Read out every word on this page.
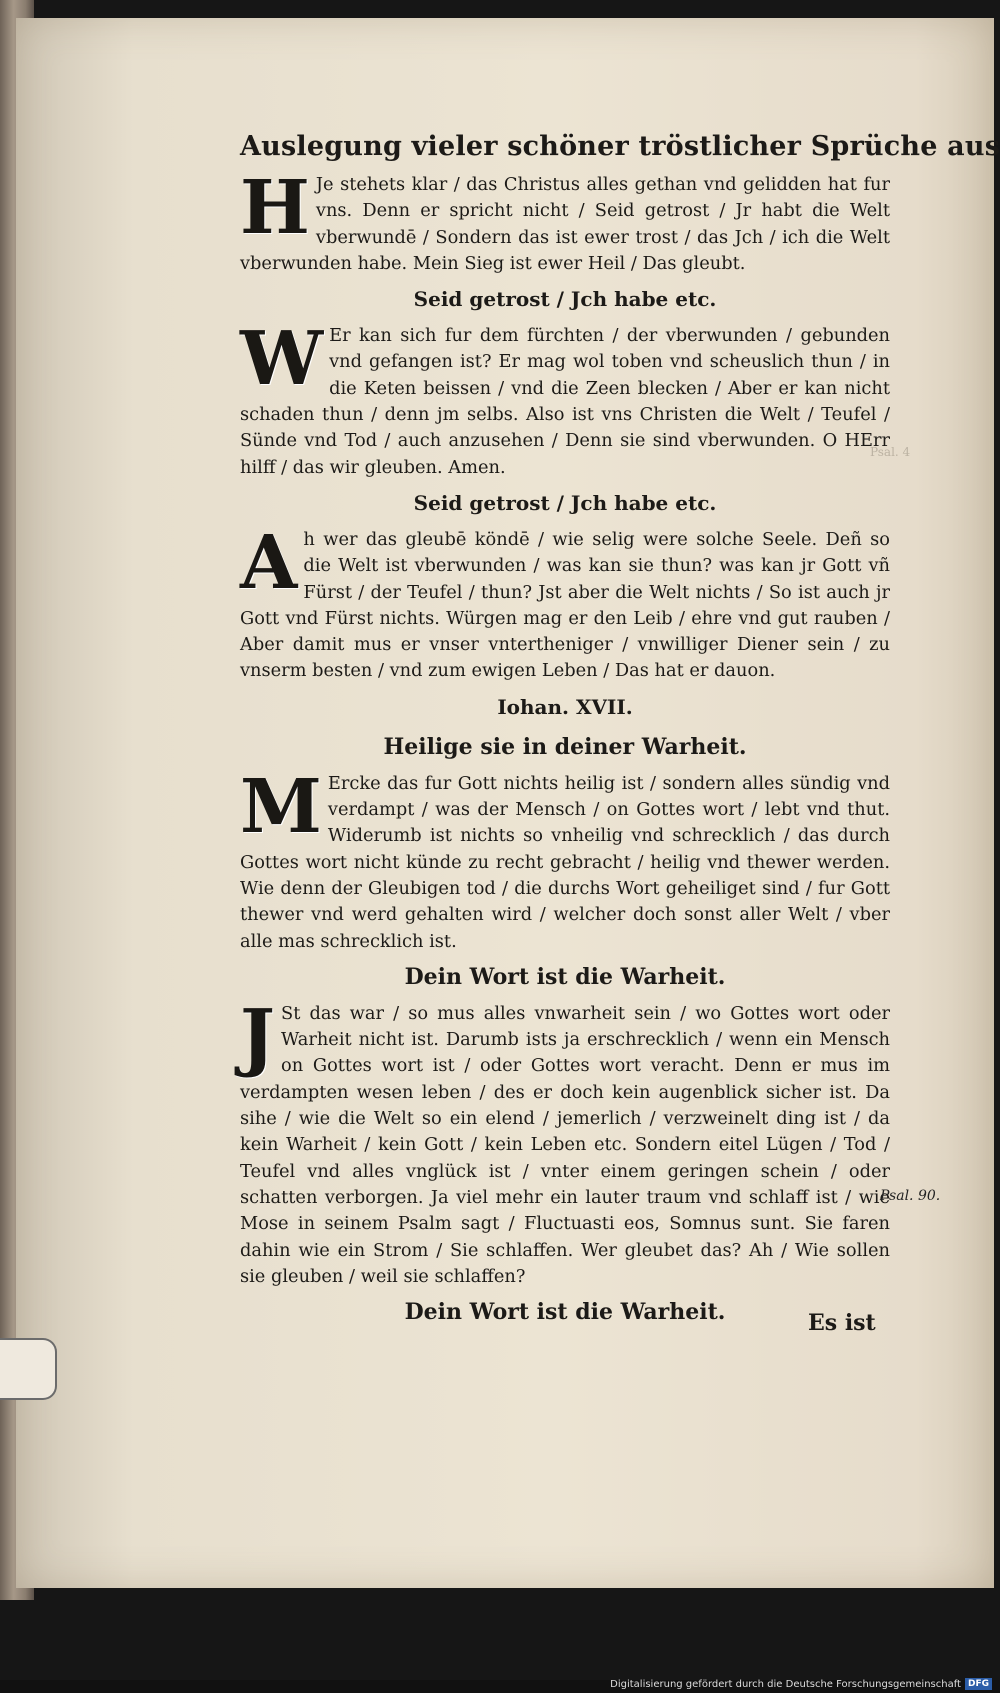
Psal. 4
Auslegung vieler schöner tröstlicher Sprüche aus
H Je stehets klar / das Christus alles gethan vnd gelidden hat fur vns. Denn er spricht nicht / Seid getrost / Jr habt die Welt vberwundē / Sondern das ist ewer trost / das Jch / ich die Welt vberwunden habe. Mein Sieg ist ewer Heil / Das gleubt.
Seid getrost / Jch habe etc.
W Er kan sich fur dem fürchten / der vberwunden / gebunden vnd gefangen ist? Er mag wol toben vnd scheuslich thun / in die Keten beissen / vnd die Zeen blecken / Aber er kan nicht schaden thun / denn jm selbs. Also ist vns Christen die Welt / Teufel / Sünde vnd Tod / auch anzusehen / Denn sie sind vberwunden. O HErr hilff / das wir gleuben. Amen.
Seid getrost / Jch habe etc.
A h wer das gleubē köndē / wie selig were solche Seele. Deñ so die Welt ist vberwunden / was kan sie thun? was kan jr Gott vñ Fürst / der Teufel / thun? Jst aber die Welt nichts / So ist auch jr Gott vnd Fürst nichts. Würgen mag er den Leib / ehre vnd gut rauben / Aber damit mus er vnser vntertheniger / vnwilliger Diener sein / zu vnserm besten / vnd zum ewigen Leben / Das hat er dauon.
Iohan. XVII.
Heilige sie in deiner Warheit.
M Ercke das fur Gott nichts heilig ist / sondern alles sündig vnd verdampt / was der Mensch / on Gottes wort / lebt vnd thut. Widerumb ist nichts so vnheilig vnd schrecklich / das durch Gottes wort nicht künde zu recht gebracht / heilig vnd thewer werden. Wie denn der Gleubigen tod / die durchs Wort geheiliget sind / fur Gott thewer vnd werd gehalten wird / welcher doch sonst aller Welt / vber alle mas schrecklich ist.
Dein Wort ist die Warheit.
J St das war / so mus alles vnwarheit sein / wo Gottes wort oder Warheit nicht ist. Darumb ists ja erschrecklich / wenn ein Mensch on Gottes wort ist / oder Gottes wort veracht. Denn er mus im verdampten wesen leben / des er doch kein augenblick sicher ist. Da sihe / wie die Welt so ein elend / jemerlich / verzweinelt ding ist / da kein Warheit / kein Gott / kein Leben etc. Sondern eitel Lügen / Tod / Teufel vnd alles vnglück ist / vnter einem geringen schein / oder schatten verborgen. Ja viel mehr ein lauter traum vnd schlaff ist / wie Mose in seinem Psalm sagt / Fluctuasti eos, Somnus sunt. Sie faren dahin wie ein Strom / Sie schlaffen. Wer gleubet das? Ah / Wie sollen sie gleuben / weil sie schlaffen?
Dein Wort ist die Warheit.
Psal. 90.
Es ist
Digitalisierung gefördert durch die Deutsche Forschungsgemeinschaft DFG
